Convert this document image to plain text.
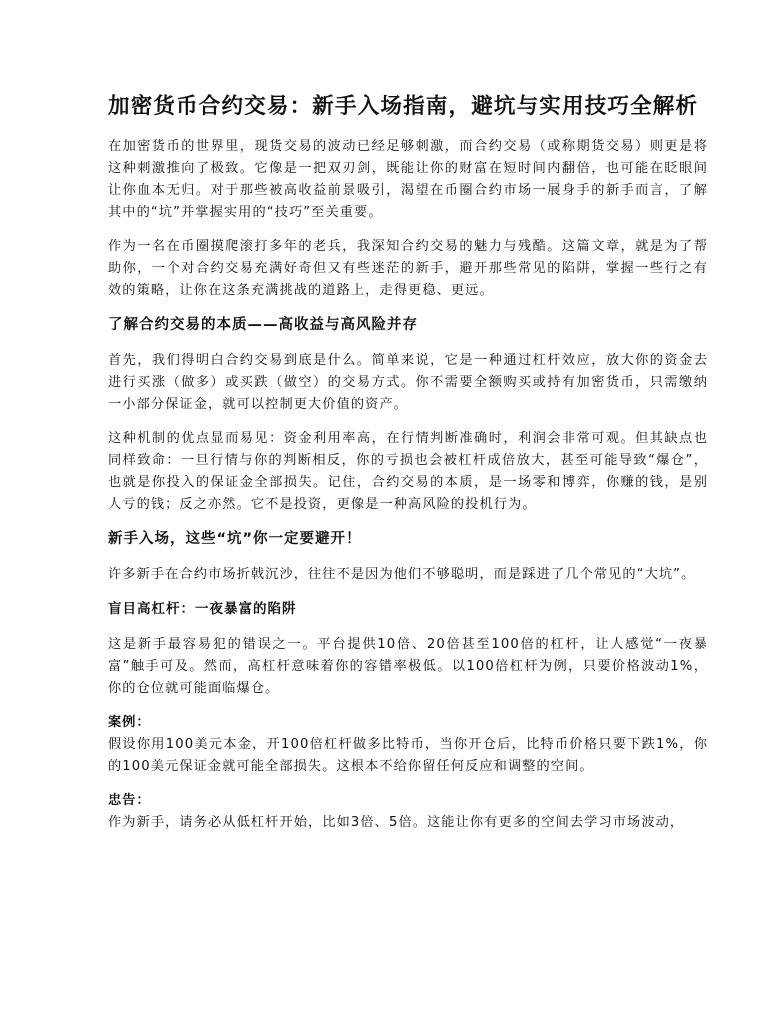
加密货币合约交易：新手入场指南，避坑与实用技巧全解析

在加密货币的世界里，现货交易的波动已经足够刺激，而合约交易（或称期货交易）则更是将这种刺激推向了极致。它像是一把双刃剑，既能让你的财富在短时间内翻倍，也可能在眨眼间让你血本无归。对于那些被高收益前景吸引，渴望在币圈合约市场一展身手的新手而言，了解其中的“坑”并掌握实用的“技巧”至关重要。

作为一名在币圈摸爬滚打多年的老兵，我深知合约交易的魅力与残酷。这篇文章，就是为了帮助你，一个对合约交易充满好奇但又有些迷茫的新手，避开那些常见的陷阱，掌握一些行之有效的策略，让你在这条充满挑战的道路上，走得更稳、更远。

了解合约交易的本质——高收益与高风险并存

首先，我们得明白合约交易到底是什么。简单来说，它是一种通过杠杆效应，放大你的资金去进行买涨（做多）或买跌（做空）的交易方式。你不需要全额购买或持有加密货币，只需缴纳一小部分保证金，就可以控制更大价值的资产。

这种机制的优点显而易见：资金利用率高，在行情判断准确时，利润会非常可观。但其缺点也同样致命：一旦行情与你的判断相反，你的亏损也会被杠杆成倍放大，甚至可能导致“爆仓”，也就是你投入的保证金全部损失。记住，合约交易的本质，是一场零和博弈，你赚的钱，是别人亏的钱；反之亦然。它不是投资，更像是一种高风险的投机行为。

新手入场，这些“坑”你一定要避开！

许多新手在合约市场折戟沉沙，往往不是因为他们不够聪明，而是踩进了几个常见的“大坑”。

盲目高杠杆：一夜暴富的陷阱

这是新手最容易犯的错误之一。平台提供10倍、20倍甚至100倍的杠杆，让人感觉“一夜暴富”触手可及。然而，高杠杆意味着你的容错率极低。以100倍杠杆为例，只要价格波动1%，你的仓位就可能面临爆仓。

案例：

假设你用100美元本金，开100倍杠杆做多比特币，当你开仓后，比特币价格只要下跌1%，你的100美元保证金就可能全部损失。这根本不给你留任何反应和调整的空间。

忠告：

作为新手，请务必从低杠杆开始，比如3倍、5倍。这能让你有更多的空间去学习市场波动，
